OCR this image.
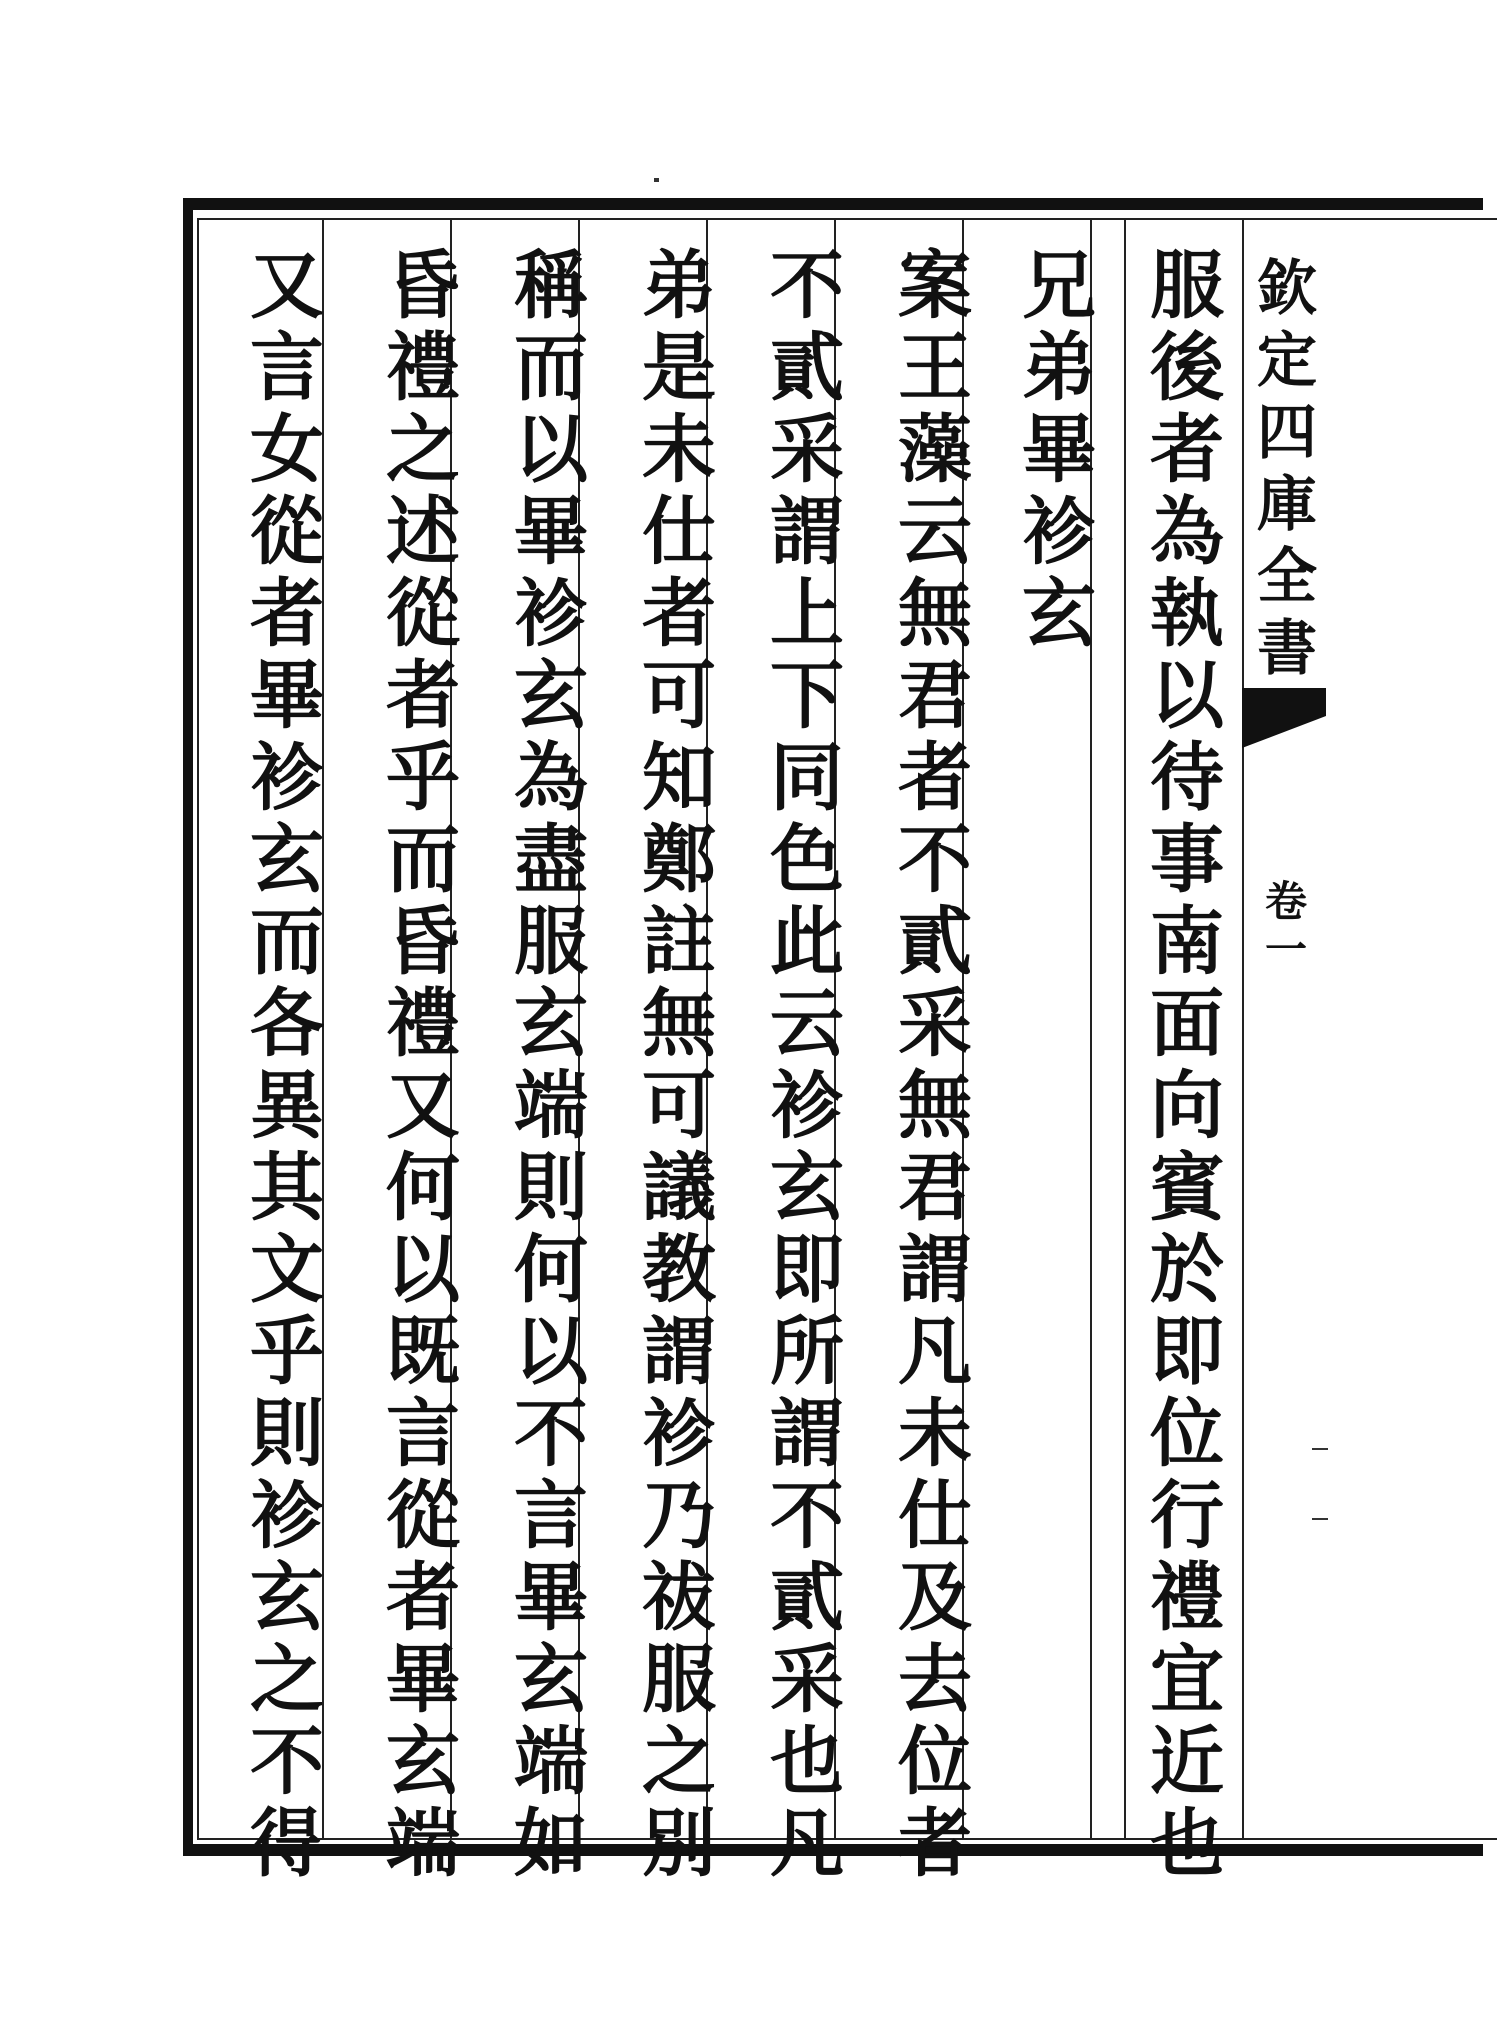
服
後
者
為
執
以
待
事
南
面
向
賓
於
即
位
行
禮
宜
近
也
兄
弟
畢
袗
玄
案
王
藻
云
無
君
者
不
貳
采
無
君
謂
凡
未
仕
及
去
位
者
不
貳
采
謂
上
下
同
色
此
云
袗
玄
即
所
謂
不
貳
采
也
凡
弟
是
未
仕
者
可
知
鄭
註
無
可
議
教
謂
袗
乃
祓
服
之
別
稱
而
以
畢
袗
玄
為
盡
服
玄
端
則
何
以
不
言
畢
玄
端
如
昏
禮
之
述
從
者
乎
而
昏
禮
又
何
以
既
言
從
者
畢
玄
端
又
言
女
從
者
畢
袗
玄
而
各
異
其
文
乎
則
袗
玄
之
不
得
欽
定
四
庫
全
書
卷
一
